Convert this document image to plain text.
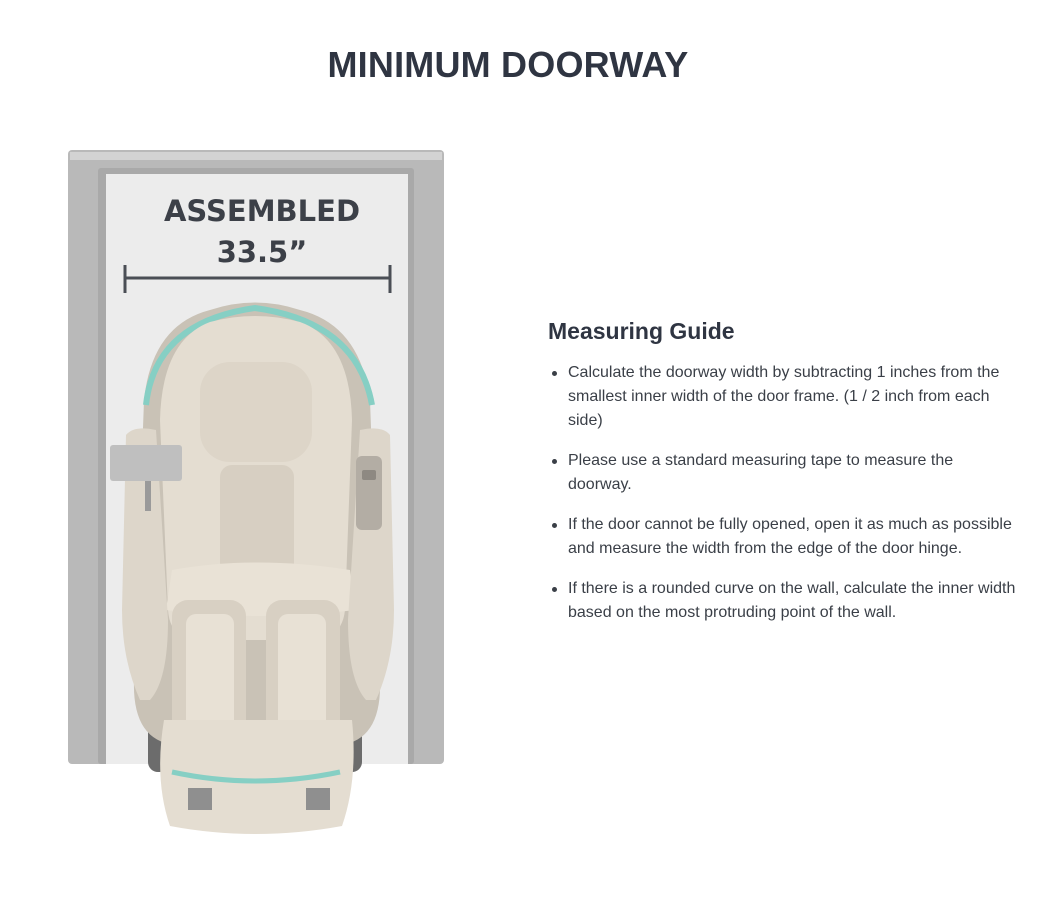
MINIMUM DOORWAY
ASSEMBLED
33.5”
Measuring Guide
Calculate the doorway width by subtracting 1 inches from the smallest inner width of the door frame. (1 / 2 inch from each side)
Please use a standard measuring tape to measure the doorway.
If the door cannot be fully opened, open it as much as possible and measure the width from the edge of the door hinge.
If there is a rounded curve on the wall, calculate the inner width based on the most protruding point of the wall.
